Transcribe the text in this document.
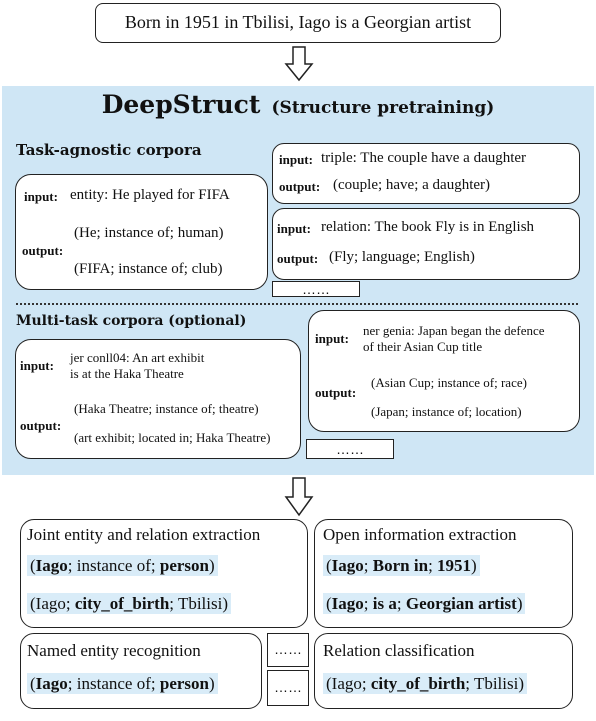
Born in 1951 in Tbilisi, Iago is a Georgian artist
DeepStruct (Structure pretraining)
Task-agnostic corpora
input: entity: He played for FIFA
output:
(He; instance of; human)
(FIFA; instance of; club)
input: triple: The couple have a daughter
output: (couple; have; a daughter)
input: relation: The book Fly is in English
output: (Fly; language; English)
……
Multi-task corpora (optional)
input:
jer conll04: An art exhibit
is at the Haka Theatre
output:
(Haka Theatre; instance of; theatre)
(art exhibit; located in; Haka Theatre)
input:
ner genia: Japan began the defence
of their Asian Cup title
output:
(Asian Cup; instance of; race)
(Japan; instance of; location)
……
Joint entity and relation extraction
(Iago; instance of; person)
(Iago; city_of_birth; Tbilisi)
Open information extraction
(Iago; Born in; 1951)
(Iago; is a; Georgian artist)
Named entity recognition
(Iago; instance of; person)
……
……
Relation classification
(Iago; city_of_birth; Tbilisi)
